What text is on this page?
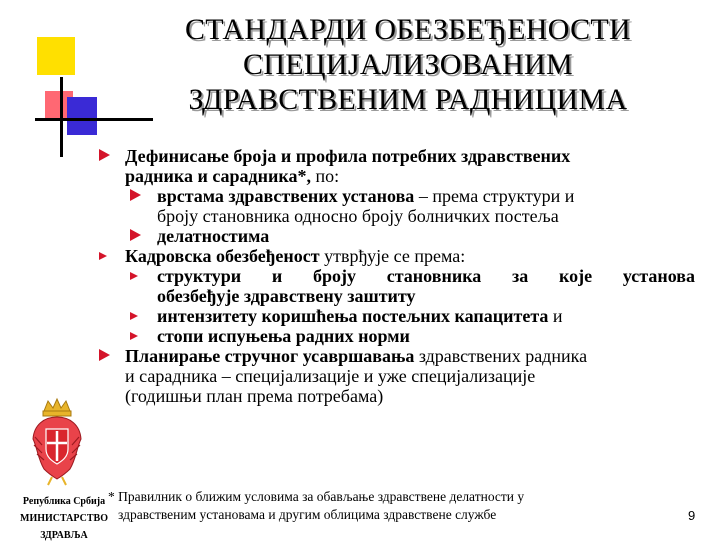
СТАНДАРДИ ОБЕЗБЕЂЕНОСТИ
СПЕЦИЈАЛИЗОВАНИМ
ЗДРАВСТВЕНИМ РАДНИЦИМА
Дефинисање броја и профила потребних здравствених
радника и сарадника*, по:
врстама здравствених установа – према структури и
броју становника односно броју болничких постеља
делатностима
Кадровска обезбеђеност утврђује се према:
структури и броју становника за које установа
обезбеђује здравствену заштиту
интензитету коришћења постељних капацитета и
стопи испуњења радних норми
Планирање стручног усавршавања здравствених радника
и сарадника – специјализације и уже специјализације
(годишњи план према потребама)
Република Србија
МИНИСТАРСТВО
ЗДРАВЉА
* Правилник о ближим условима за обављање здравствене делатности у
здравственим установама и другим облицима здравствене службе	9
